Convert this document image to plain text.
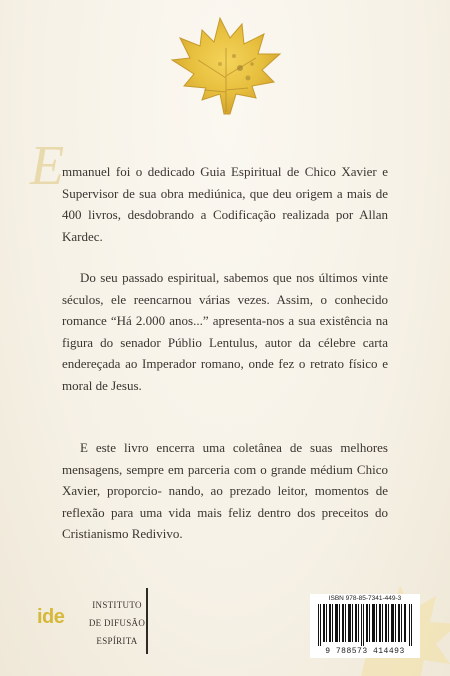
E
mmanuel foi o dedicado Guia Espiritual de Chico Xavier e Supervisor de sua obra mediúnica, que deu origem a mais de 400 livros, desdobrando a Codificação realizada por Allan Kardec.
Do seu passado espiritual, sabemos que nos últimos vinte séculos, ele reencarnou várias vezes. Assim, o conhecido romance “Há 2.000 anos...” apresenta-nos a sua existência na figura do senador Públio Lentulus, autor da célebre carta endereçada ao Imperador romano, onde fez o retrato físico e moral de Jesus.
E este livro encerra uma coletânea de suas melhores mensagens, sempre em parceria com o grande médium Chico Xavier, proporcio- nando, ao prezado leitor, momentos de reflexão para uma vida mais feliz dentro dos preceitos do Cristianismo Redivivo.
ide
INSTITUTO
DE DIFUSÃO
ESPÍRITA
ISBN 978-85-7341-449-3
9 788573 414493
